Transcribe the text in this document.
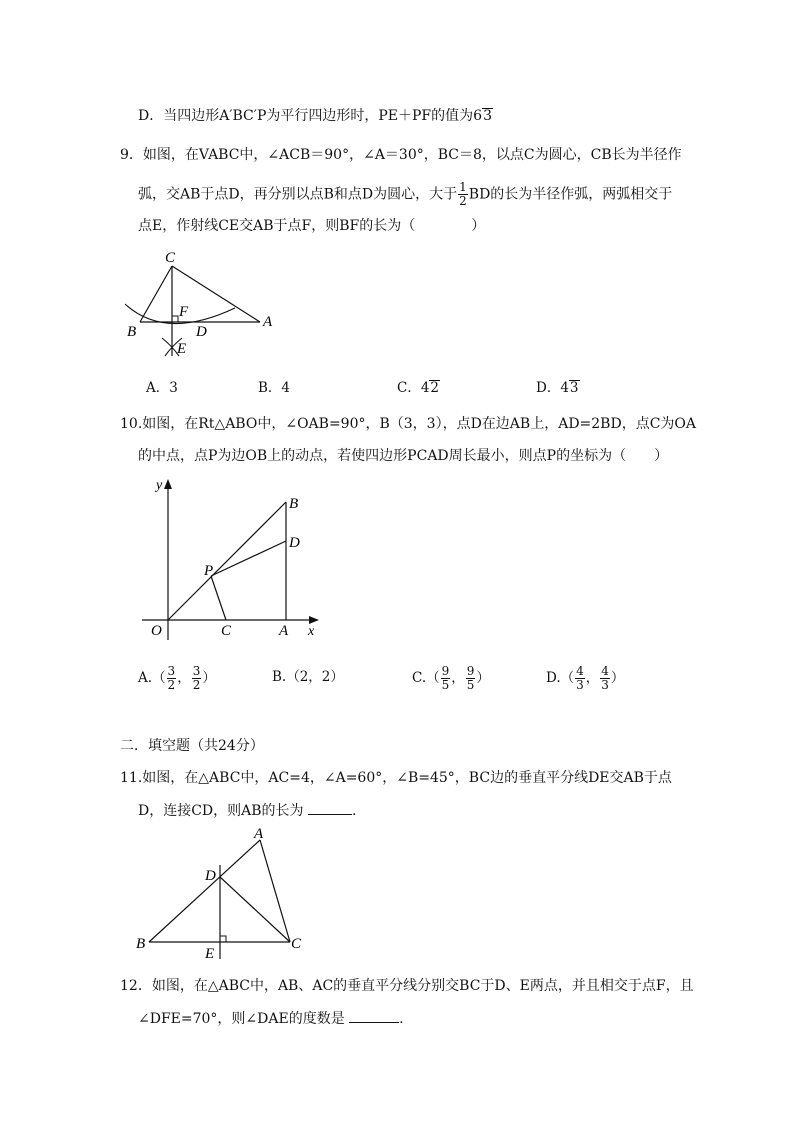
D．当四边形A′BC′P为平行四边形时，PE＋PF的值为63
9．如图，在VABC中，∠ACB＝90°，∠A＝30°，BC＝8，以点C为圆心，CB长为半径作
弧，交AB于点D，再分别以点B和点D为圆心，大于 $\frac{1}{2}$ BD的长为半径作弧，两弧相交于
点E，作射线CE交AB于点F，则BF的长为（　　　　）
C
F
B	D
A
E
A．3	B．4	C．42	D．43
10.如图，在Rt△ABO中，∠OAB=90°，B（3，3），点D在边AB上，AD=2BD，点C为OA
的中点，点P为边OB上的动点，若使四边形PCAD周长最小，则点P的坐标为（　　）
y
x
O	C	A
B
D
P
$A.( \frac{3}{2}$ ， $\frac{3}{2}$ ）	B.（2，2）	$C.( \frac{9}{5}$ ， $\frac{9}{5}$ ）	$D.( \frac{4}{3}$ ， $\frac{4}{3}$ ）
二．填空题（共24分）
11.如图，在△ABC中，AC=4，∠A=60°，∠B=45°，BC边的垂直平分线DE交AB于点
D，连接CD，则AB的长为	.
A
D
B
E
C
12．如图，在△ABC中，AB、AC的垂直平分线分别交BC于D、E两点，并且相交于点F，且
∠DFE=70°，则∠DAE的度数是	.
